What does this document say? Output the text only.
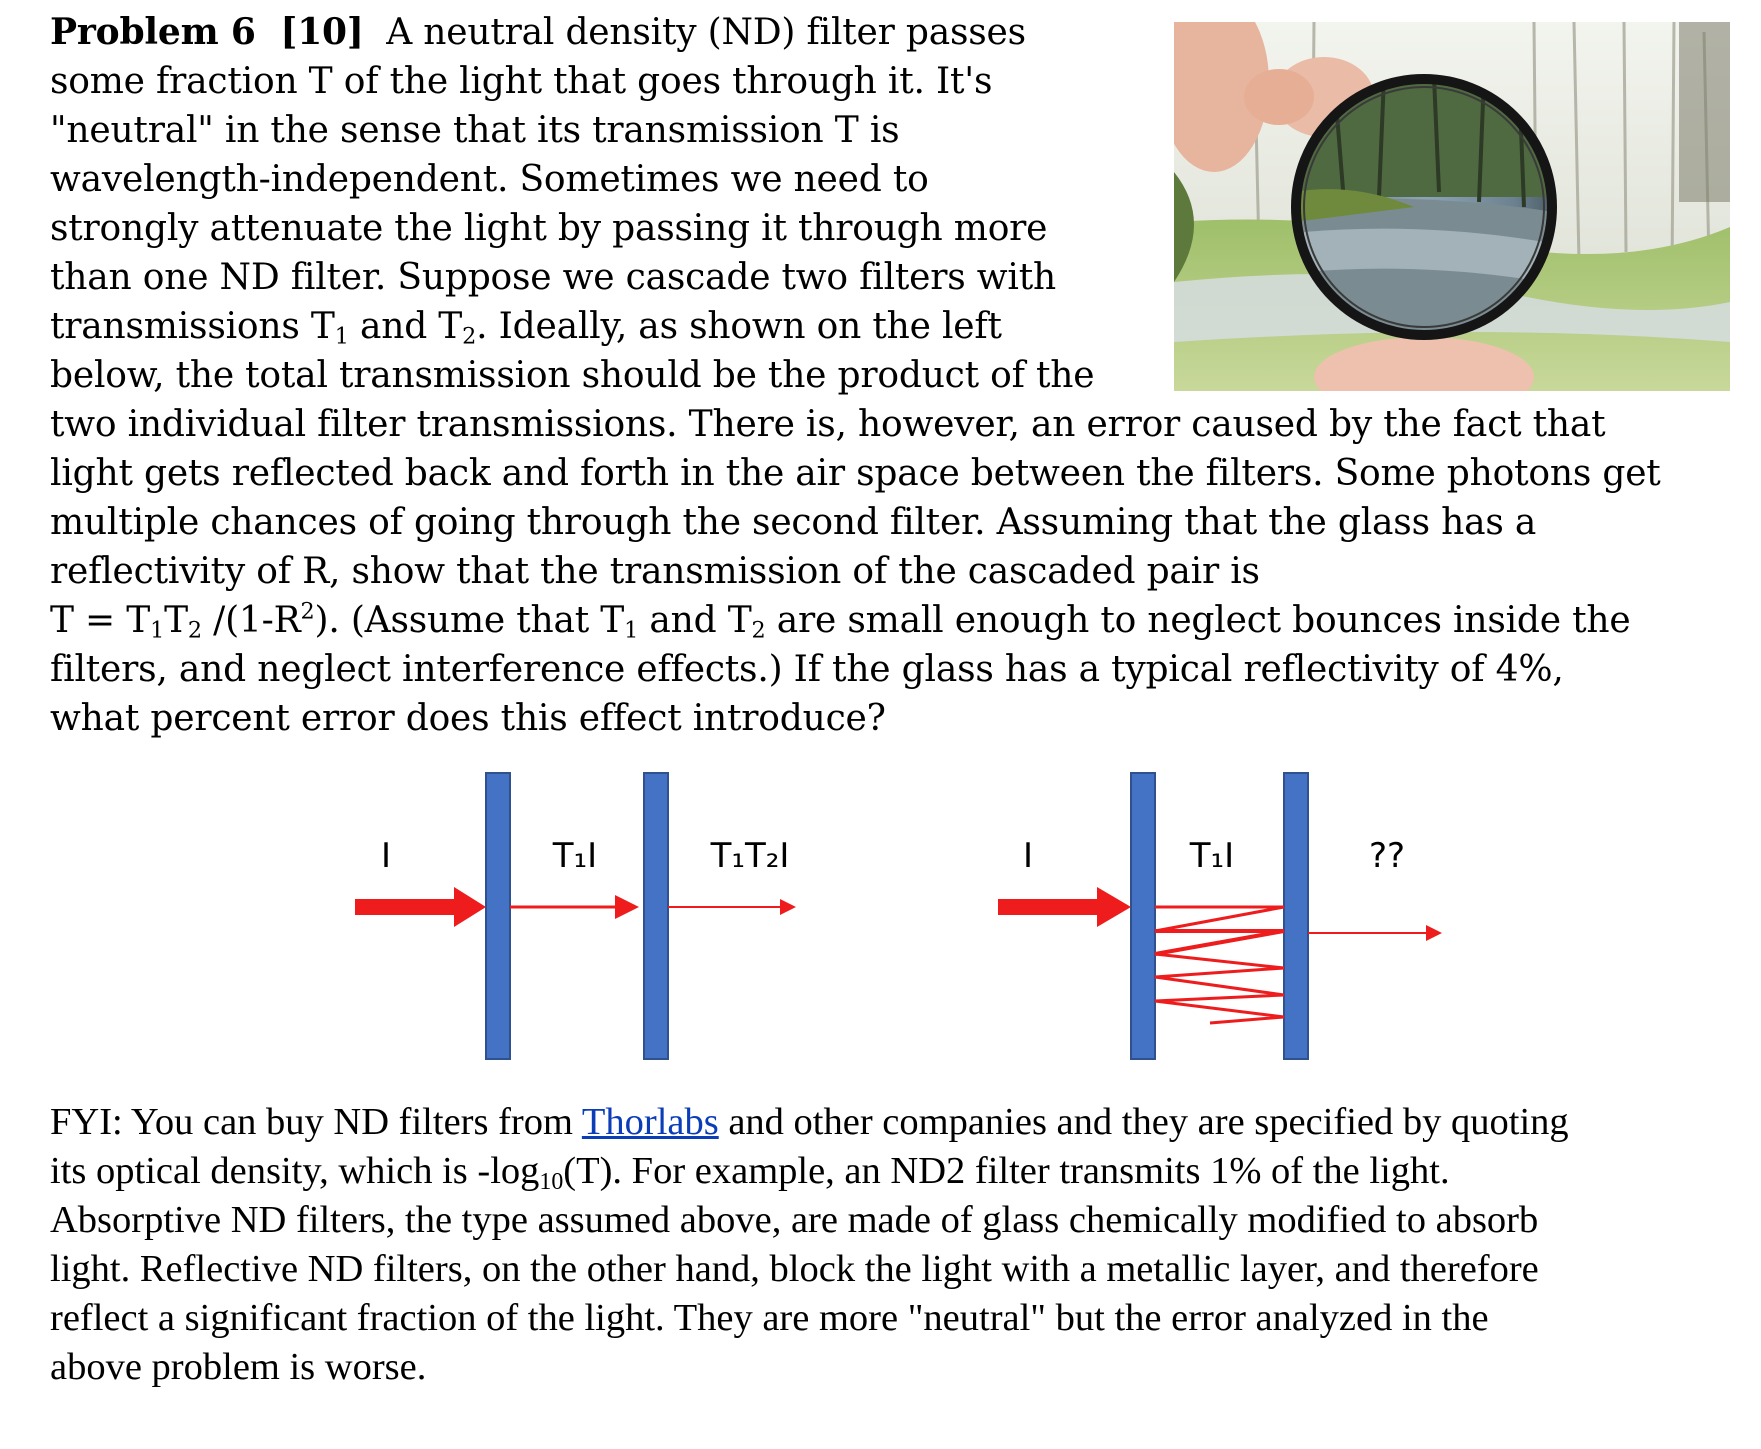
Problem 6 [10] A neutral density (ND) filter passes
some fraction T of the light that goes through it. It's
"neutral" in the sense that its transmission T is
wavelength-independent. Sometimes we need to
strongly attenuate the light by passing it through more
than one ND filter. Suppose we cascade two filters with
transmissions $T_1$ and $T_2$. Ideally, as shown on the left
below, the total transmission should be the product of the
two individual filter transmissions. There is, however, an error caused by the fact that
light gets reflected back and forth in the air space between the filters. Some photons get
multiple chances of going through the second filter. Assuming that the glass has a
reflectivity of R, show that the transmission of the cascaded pair is
$T = T_1T_2$ $/(1-R^2)$. (Assume that $T_1$ and $T_2$ are small enough to neglect bounces inside the
filters, and neglect interference effects.) If the glass has a typical reflectivity of 4%,
what percent error does this effect introduce?
I	T₁I	T₁T₂I	I	T₁I	??
FYI: You can buy ND filters from Thorlabs and other companies and they are specified by quoting
its optical density, which is $-\log_{10}(T)$. For example, an ND2 filter transmits 1% of the light.
Absorptive ND filters, the type assumed above, are made of glass chemically modified to absorb
light. Reflective ND filters, on the other hand, block the light with a metallic layer, and therefore
reflect a significant fraction of the light. They are more "neutral" but the error analyzed in the
above problem is worse.
